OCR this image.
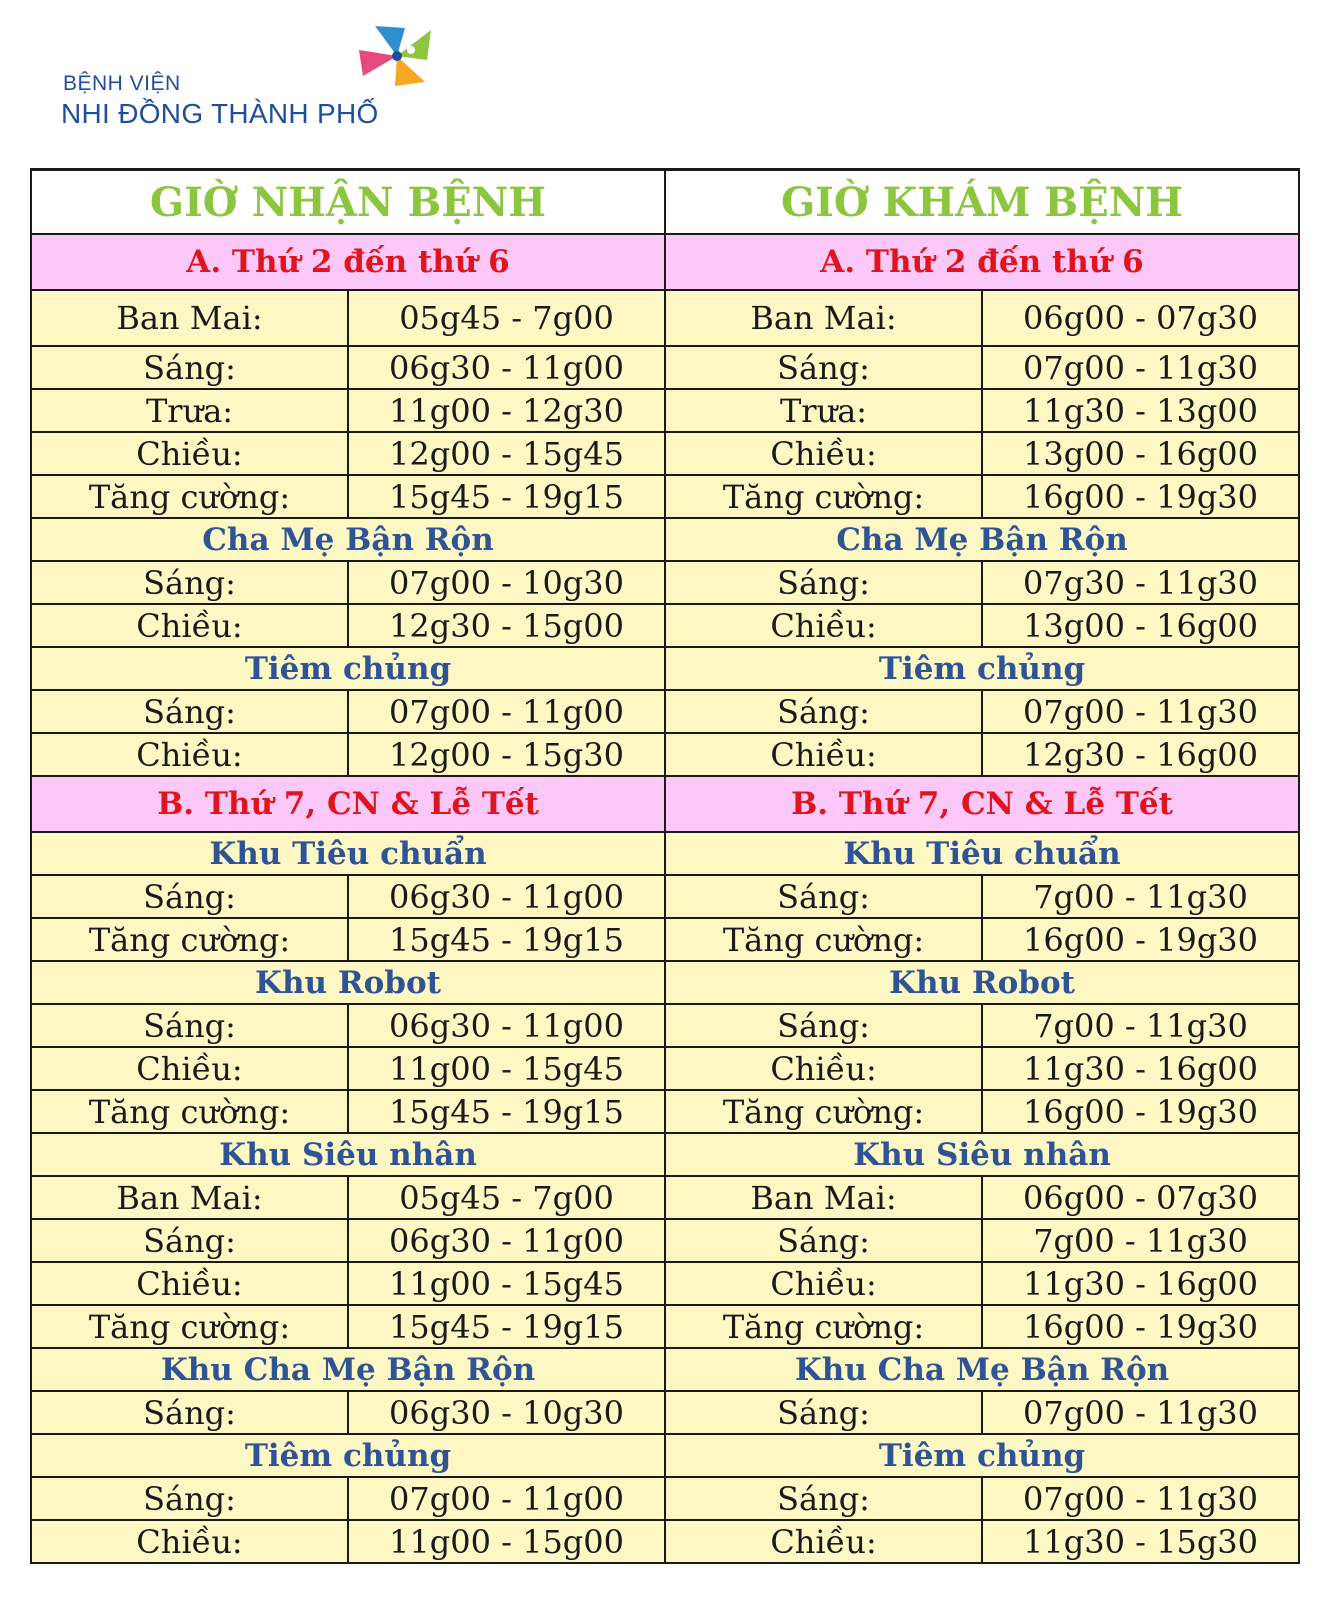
BỆNH VIỆN
NHI ĐỒNG THÀNH PHỐ
GIỜ NHẬN BỆNH		GIỜ KHÁM BỆNH	
A. Thứ 2 đến thứ 6		A. Thứ 2 đến thứ 6	
Ban Mai:	05g45 - 7g00	Ban Mai:	06g00 - 07g30
Sáng:	06g30 - 11g00	Sáng:	07g00 - 11g30
Trưa:	11g00 - 12g30	Trưa:	11g30 - 13g00
Chiều:	12g00 - 15g45	Chiều:	13g00 - 16g00
Tăng cường:	15g45 - 19g15	Tăng cường:	16g00 - 19g30
Cha Mẹ Bận Rộn		Cha Mẹ Bận Rộn	
Sáng:	07g00 - 10g30	Sáng:	07g30 - 11g30
Chiều:	12g30 - 15g00	Chiều:	13g00 - 16g00
Tiêm chủng		Tiêm chủng	
Sáng:	07g00 - 11g00	Sáng:	07g00 - 11g30
Chiều:	12g00 - 15g30	Chiều:	12g30 - 16g00
B. Thứ 7, CN & Lễ Tết		B. Thứ 7, CN & Lễ Tết	
Khu Tiêu chuẩn		Khu Tiêu chuẩn	
Sáng:	06g30 - 11g00	Sáng:	7g00 - 11g30
Tăng cường:	15g45 - 19g15	Tăng cường:	16g00 - 19g30
Khu Robot		Khu Robot	
Sáng:	06g30 - 11g00	Sáng:	7g00 - 11g30
Chiều:	11g00 - 15g45	Chiều:	11g30 - 16g00
Tăng cường:	15g45 - 19g15	Tăng cường:	16g00 - 19g30
Khu Siêu nhân		Khu Siêu nhân	
Ban Mai:	05g45 - 7g00	Ban Mai:	06g00 - 07g30
Sáng:	06g30 - 11g00	Sáng:	7g00 - 11g30
Chiều:	11g00 - 15g45	Chiều:	11g30 - 16g00
Tăng cường:	15g45 - 19g15	Tăng cường:	16g00 - 19g30
Khu Cha Mẹ Bận Rộn		Khu Cha Mẹ Bận Rộn	
Sáng:	06g30 - 10g30	Sáng:	07g00 - 11g30
Tiêm chủng		Tiêm chủng	
Sáng:	07g00 - 11g00	Sáng:	07g00 - 11g30
Chiều:	11g00 - 15g00	Chiều:	11g30 - 15g30
